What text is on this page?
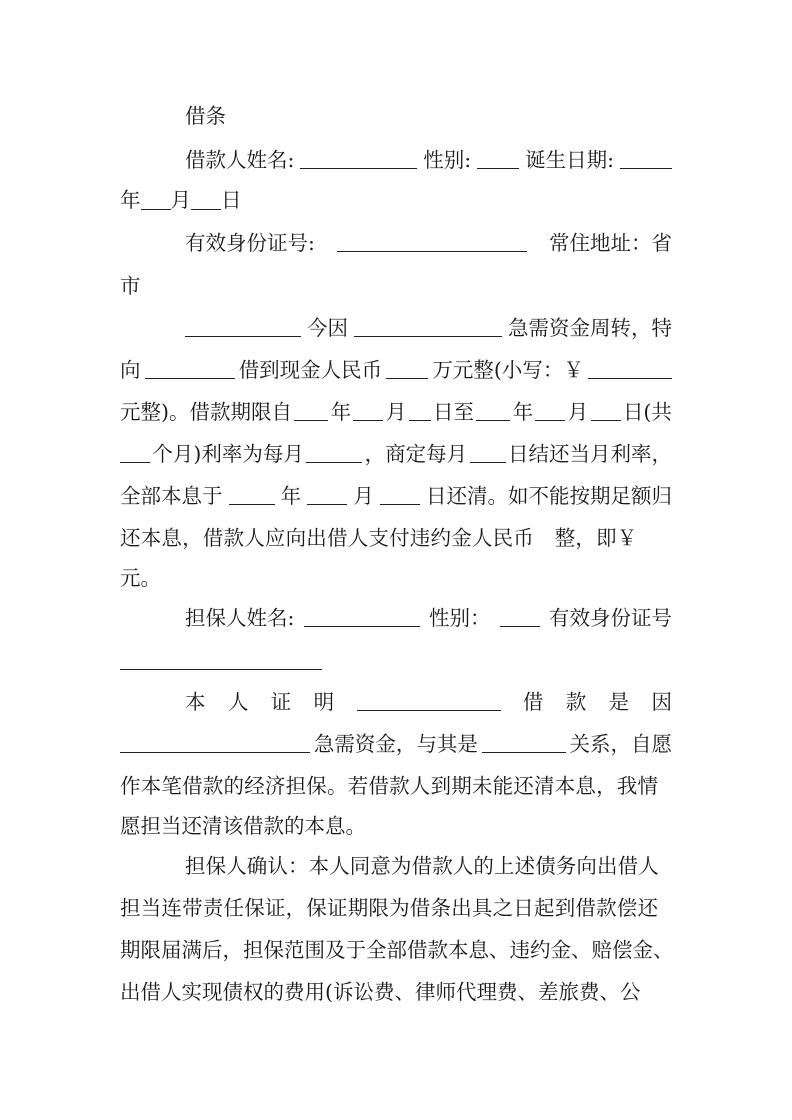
借条
借款人姓名:	性别:	诞生日期:
年 月 日
有效身份证号:	常住地址：省
市
今因	急需资金周转，特
向	借到现金人民币 万元整(小写：￥
元整)。借款期限自 年 月 日至 年 月 日(共
个月)利率为每月	，商定每月 日结还当月利率，
全部本息于	年	月	日还清。如不能按期足额归
还本息，借款人应向出借人支付违约金人民币　整，即￥
元。
担保人姓名:	性别：	有效身份证号
本 人 证 明	借 款 是 因
急需资金，与其是	关系，自愿
作本笔借款的经济担保。若借款人到期未能还清本息，我情
愿担当还清该借款的本息。
担保人确认：本人同意为借款人的上述债务向出借人
担当连带责任保证，保证期限为借条出具之日起到借款偿还
期限届满后，担保范围及于全部借款本息、违约金、赔偿金、
出借人实现债权的费用(诉讼费、律师代理费、差旅费、公
